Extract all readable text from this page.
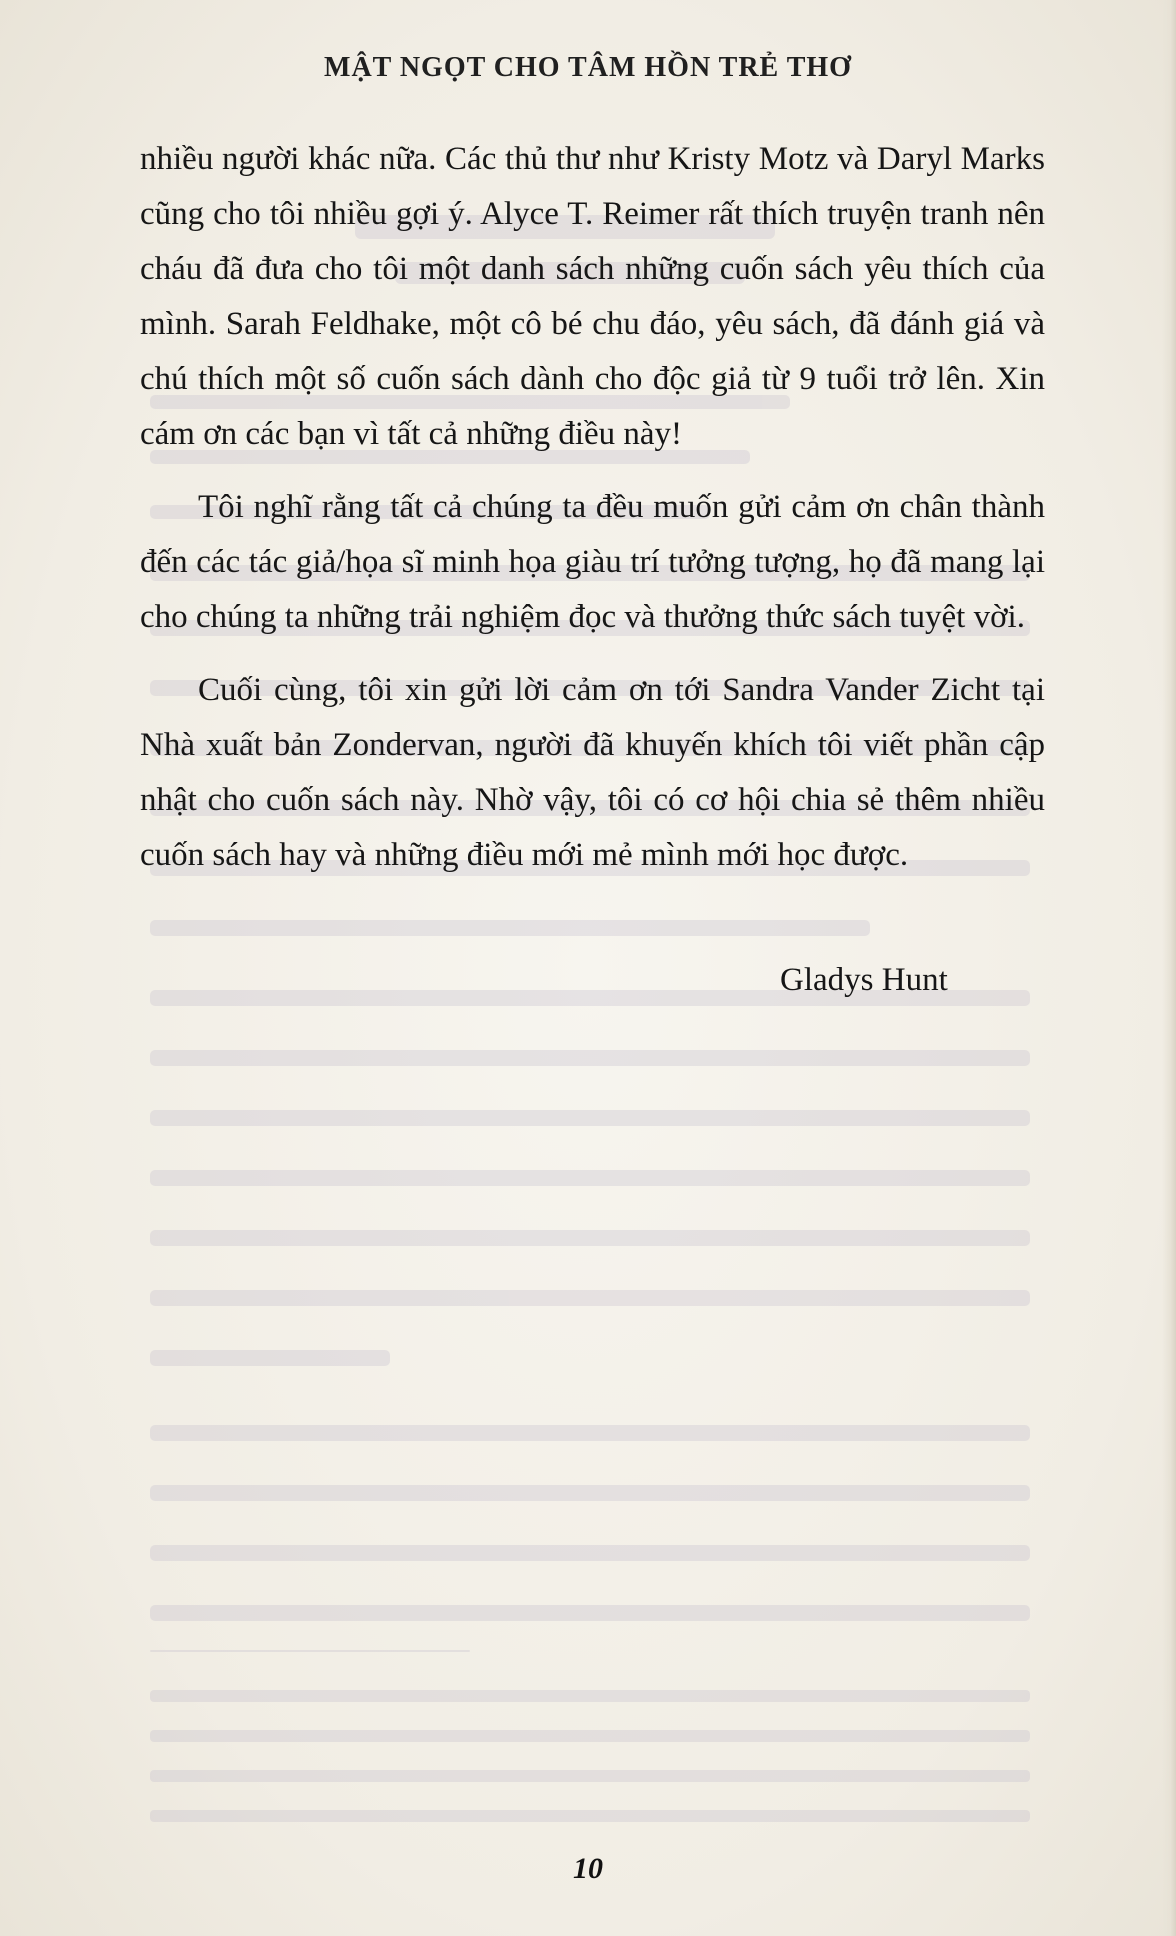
MẬT NGỌT CHO TÂM HỒN TRẺ THƠ

nhiều người khác nữa. Các thủ thư như Kristy Motz và Daryl Marks cũng cho tôi nhiều gợi ý. Alyce T. Reimer rất thích truyện tranh nên cháu đã đưa cho tôi một danh sách những cuốn sách yêu thích của mình. Sarah Feldhake, một cô bé chu đáo, yêu sách, đã đánh giá và chú thích một số cuốn sách dành cho độc giả từ 9 tuổi trở lên. Xin cám ơn các bạn vì tất cả những điều này!

Tôi nghĩ rằng tất cả chúng ta đều muốn gửi cảm ơn chân thành đến các tác giả/họa sĩ minh họa giàu trí tưởng tượng, họ đã mang lại cho chúng ta những trải nghiệm đọc và thưởng thức sách tuyệt vời.

Cuối cùng, tôi xin gửi lời cảm ơn tới Sandra Vander Zicht tại Nhà xuất bản Zondervan, người đã khuyến khích tôi viết phần cập nhật cho cuốn sách này. Nhờ vậy, tôi có cơ hội chia sẻ thêm nhiều cuốn sách hay và những điều mới mẻ mình mới học được.

Gladys Hunt
10
